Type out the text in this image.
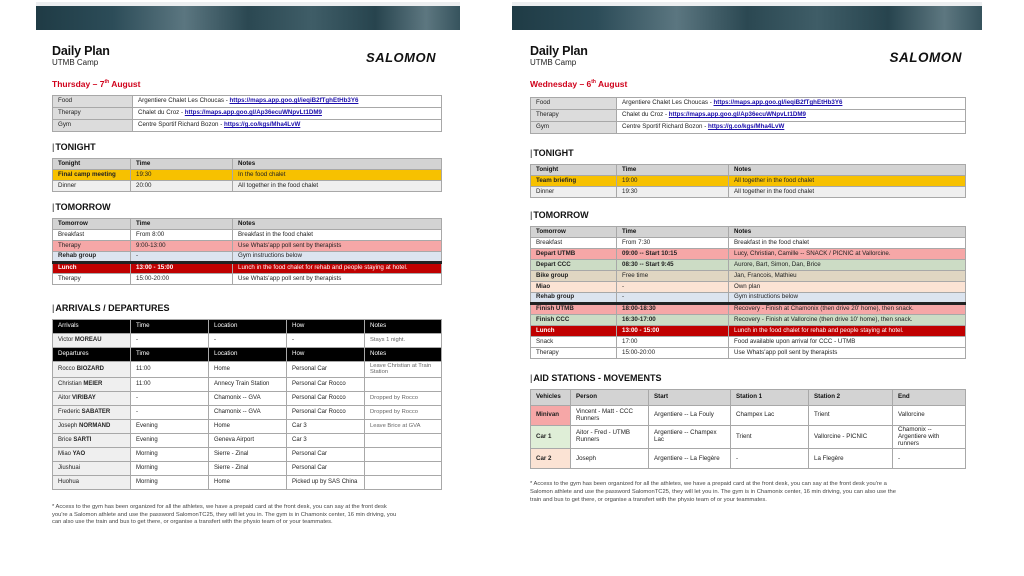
Daily Plan
UTMB Camp	SALOMON
Thursday – 7th August
Food	Argentiere Chalet Les Choucas - https://maps.app.goo.gl/ieqiB2fTghEtHb3Y6
Therapy	Chalet du Croz - https://maps.app.goo.gl/Ap36ecuWNpvLt1DM9
Gym	Centre Sportif Richard Bozon - https://g.co/kgs/Mha4LvW
| TONIGHT
Tonight	Time	Notes
Final camp meeting	19:30	In the food chalet
Dinner	20:00	All together in the food chalet
| TOMORROW
Tomorrow	Time	Notes
Breakfast	From 8:00	Breakfast in the food chalet
Therapy	9:00-13:00	Use Whats'app poll sent by therapists
Rehab group	-	Gym instructions below
Lunch	13:00 - 15:00	Lunch in the food chalet for rehab and people staying at hotel.
Therapy	15:00-20:00	Use Whats'app poll sent by therapists
| ARRIVALS / DEPARTURES
Arrivals	Time	Location	How	Notes
Victor MOREAU	-	-	-	Stays 1 night.
Departures	Time	Location	How	Notes
Rocco BIOZARD	11:00	Home	Personal Car	Leave Christian at Train Station
Christian MEIER	11:00	Annecy Train Station	Personal Car Rocco	
Aitor VIRIBAY	-	Chamonix -- GVA	Personal Car Rocco	Dropped by Rocco
Frederic SABATER	-	Chamonix -- GVA	Personal Car Rocco	Dropped by Rocco
Joseph NORMAND	Evening	Home	Car 3	Leave Brice at GVA
Brice SARTI	Evening	Geneva Airport	Car 3	
Miao YAO	Morning	Sierre - Zinal	Personal Car	
Jiushuai	Morning	Sierre - Zinal	Personal Car	
Huohua	Morning	Home	Picked up by SAS China	
* Access to the gym has been organized for all the athletes, we have a prepaid card at the front desk, you can say at the front desk you're a Salomon athlete and use the password SalomonTC25, they will let you in. The gym is in Chamonix center, 16 min driving, you can also use the train and bus to get there, or organise a transfert with the physio team of or your teammates.
Daily Plan
UTMB Camp	SALOMON
Wednesday – 6th August
Food	Argentiere Chalet Les Choucas - https://maps.app.goo.gl/ieqiB2fTghEtHb3Y6
Therapy	Chalet du Croz - https://maps.app.goo.gl/Ap36ecuWNpvLt1DM9
Gym	Centre Sportif Richard Bozon - https://g.co/kgs/Mha4LvW
| TONIGHT
Tonight	Time	Notes
Team briefing	19:00	All together in the food chalet
Dinner	19:30	All together in the food chalet
| TOMORROW
Tomorrow	Time	Notes
Breakfast	From 7:30	Breakfast in the food chalet
Depart UTMB	09:00 -- Start 10:15	Lucy, Christian, Camille -- SNACK / PICNIC at Vallorcine.
Depart CCC	08:30 -- Start 9:45	Aurore, Bart, Simon, Dan, Brice
Bike group	Free time	Jan, Francois, Mathieu
Miao	-	Own plan
Rehab group	-	Gym instructions below
Finish UTMB	18:00-18:30	Recovery - Finish at Chamonix (then drive 20' home), then snack.
Finish CCC	16:30-17:00	Recovery - Finish at Vallorcine (then drive 10' home), then snack.
Lunch	13:00 - 15:00	Lunch in the food chalet for rehab and people staying at hotel.
Snack	17:00	Food available upon arrival for CCC - UTMB
Therapy	15:00-20:00	Use Whats'app poll sent by therapists
| AID STATIONS - MOVEMENTS
Vehicles	Person	Start	Station 1	Station 2	End
Minivan	Vincent - Matt - CCC Runners	Argentiere -- La Fouly	Champex Lac	Trient	Vallorcine
Car 1	Aitor - Fred - UTMB Runners	Argentiere -- Champex Lac	Trient	Vallorcine - PICNIC	Chamonix -- Argentiere with runners
Car 2	Joseph	Argentiere -- La Flegère	-	La Flegère	-
* Access to the gym has been organized for all the athletes, we have a prepaid card at the front desk, you can say at the front desk you're a Salomon athlete and use the password SalomonTC25, they will let you in. The gym is in Chamonix center, 16 min driving, you can also use the train and bus to get there, or organise a transfert with the physio team of or your teammates.
